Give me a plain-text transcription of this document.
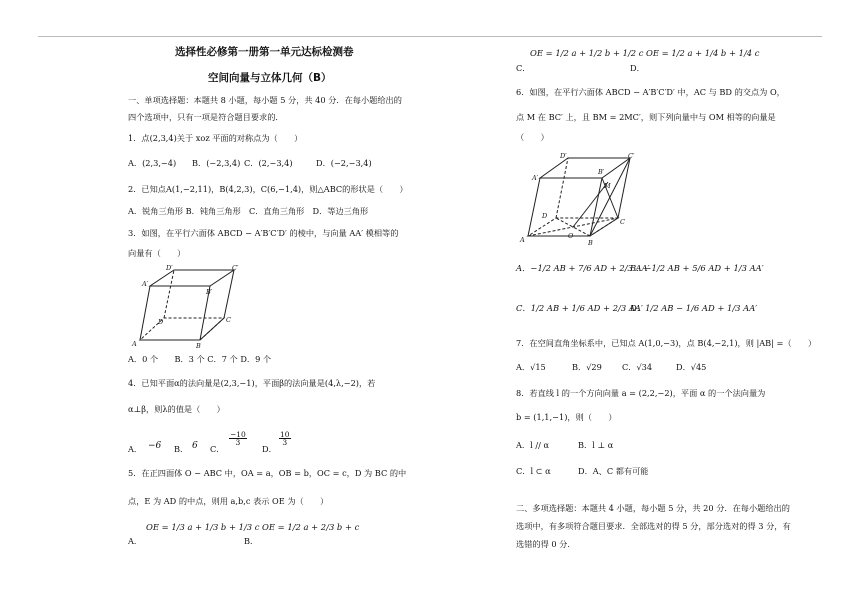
选择性必修第一册第一单元达标检测卷
空间向量与立体几何（B）
一、单项选择题：本题共 8 小题，每小题 5 分，共 40 分．在每小题给出的
四个选项中，只有一项是符合题目要求的．
1．点(2,3,4)关于 xoz 平面的对称点为（　　）
A．(2,3,−4) B．(−2,3,4) C．(2,−3,4)	D．(−2,−3,4)
2．已知点A(1,−2,11)，B(4,2,3)，C(6,−1,4)，则△ABC的形状是（　　）
A．锐角三角形 B．钝角三角形　C．直角三角形　D．等边三角形
3．如图，在平行六面体 ABCD − A′B′C′D′ 的棱中，与向量 AA′ 模相等的
向量有（　　）
A	B
C
D
A′
B′
C′
D′
A．0 个　　B．3 个 C．7 个 D．9 个
4．已知平面α的法向量是(2,3,−1)，平面β的法向量是(4,λ,−2)，若
α⊥β，则λ的值是（　　）
A． −6 B． 6 C．
$\frac{-10}{3}$
D．
$\frac{10}{3}$
5．在正四面体 O − ABC 中，OA = a，OB = b，OC = c，D 为 BC 的中
点，E 为 AD 的中点，则用 a,b,c 表示 OE 为（　　）
A．
OE = 1/3 a + 1/3 b + 1/3 c
B．
OE = 1/2 a + 2/3 b + c
C．
OE = 1/2 a + 1/2 b + 1/2 c
D．
OE = 1/2 a + 1/4 b + 1/4 c
6．如图，在平行六面体 ABCD − A′B′C′D′ 中，AC 与 BD 的交点为 O，
点 M 在 BC′ 上，且 BM = 2MC′，则下列向量中与 OM 相等的向量是
（　　）
A	B
C
D
O
M
A′
B′
C′
D′
A．−1/2 AB + 7/6 AD + 2/3 AA′
B．−1/2 AB + 5/6 AD + 1/3 AA′
C．1/2 AB + 1/6 AD + 2/3 AA′
D．1/2 AB − 1/6 AD + 1/3 AA′
7．在空间直角坐标系中，已知点 A(1,0,−3)，点 B(4,−2,1)，则 |AB| =（　　）
A．√15	B．√29 C．√34	D．√45
8．若直线 l 的一个方向向量 a = (2,2,−2)，平面 α 的一个法向量为
b = (1,1,−1)，则（　　）
A．l // α	B．l ⊥ α
C．l ⊂ α	D．A、C 都有可能
二、多项选择题：本题共 4 小题，每小题 5 分，共 20 分．在每小题给出的
选项中，有多项符合题目要求．全部选对的得 5 分，部分选对的得 3 分，有
选错的得 0 分．
